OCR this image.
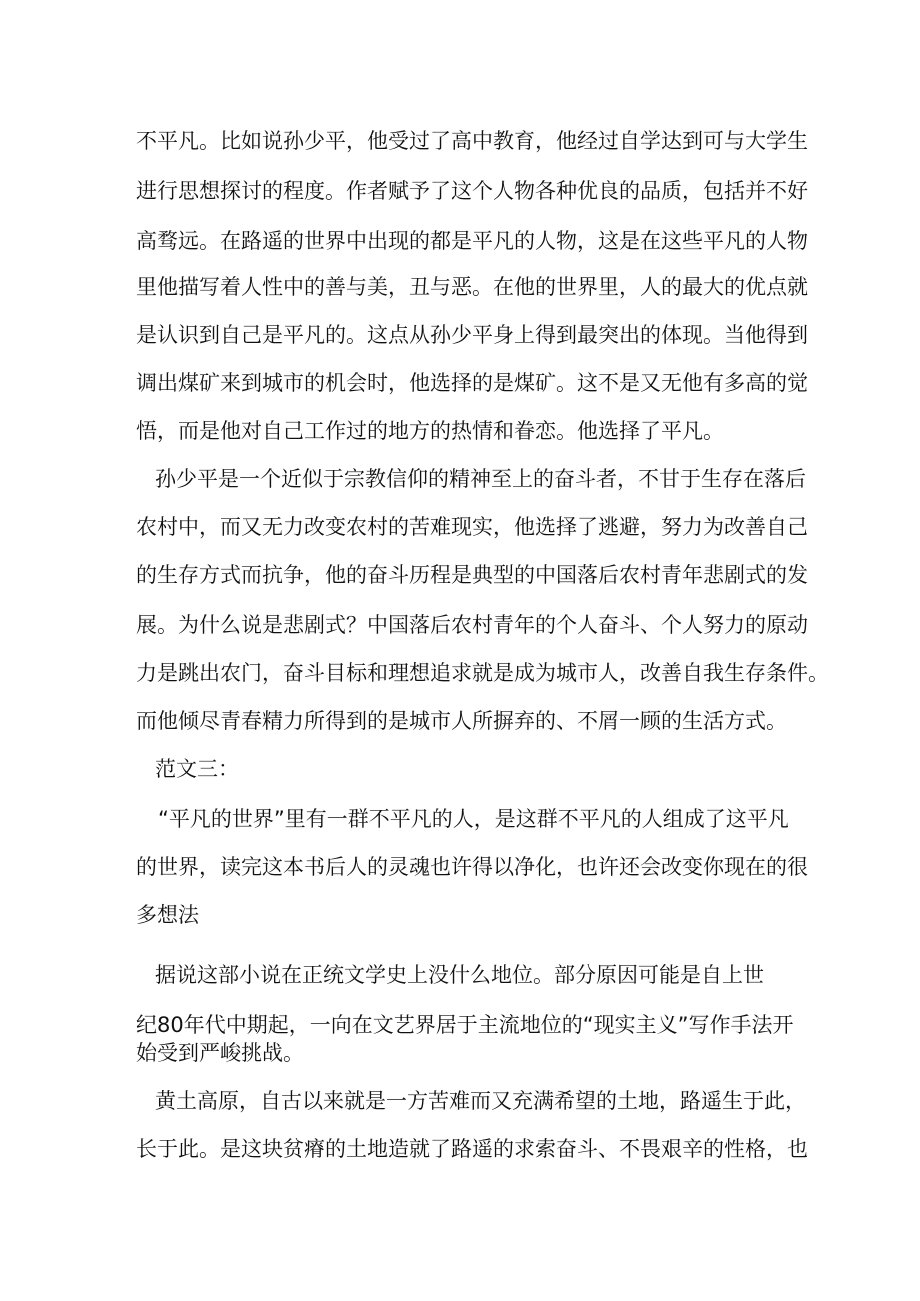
不平凡。比如说孙少平，他受过了高中教育，他经过自学达到可与大学生
进行思想探讨的程度。作者赋予了这个人物各种优良的品质，包括并不好
高骛远。在路遥的世界中出现的都是平凡的人物，这是在这些平凡的人物
里他描写着人性中的善与美，丑与恶。在他的世界里，人的最大的优点就
是认识到自己是平凡的。这点从孙少平身上得到最突出的体现。当他得到
调出煤矿来到城市的机会时，他选择的是煤矿。这不是又无他有多高的觉
悟，而是他对自己工作过的地方的热情和眷恋。他选择了平凡。
孙少平是一个近似于宗教信仰的精神至上的奋斗者，不甘于生存在落后
农村中，而又无力改变农村的苦难现实，他选择了逃避，努力为改善自己
的生存方式而抗争，他的奋斗历程是典型的中国落后农村青年悲剧式的发
展。为什么说是悲剧式？中国落后农村青年的个人奋斗、个人努力的原动
力是跳出农门，奋斗目标和理想追求就是成为城市人，改善自我生存条件。
而他倾尽青春精力所得到的是城市人所摒弃的、不屑一顾的生活方式。
范文三：
“平凡的世界”里有一群不平凡的人，是这群不平凡的人组成了这平凡
的世界，读完这本书后人的灵魂也许得以净化，也许还会改变你现在的很
多想法
据说这部小说在正统文学史上没什么地位。部分原因可能是自上世
纪80年代中期起，一向在文艺界居于主流地位的“现实主义”写作手法开
始受到严峻挑战。
黄土高原，自古以来就是一方苦难而又充满希望的土地，路遥生于此，
长于此。是这块贫瘠的土地造就了路遥的求索奋斗、不畏艰辛的性格，也
